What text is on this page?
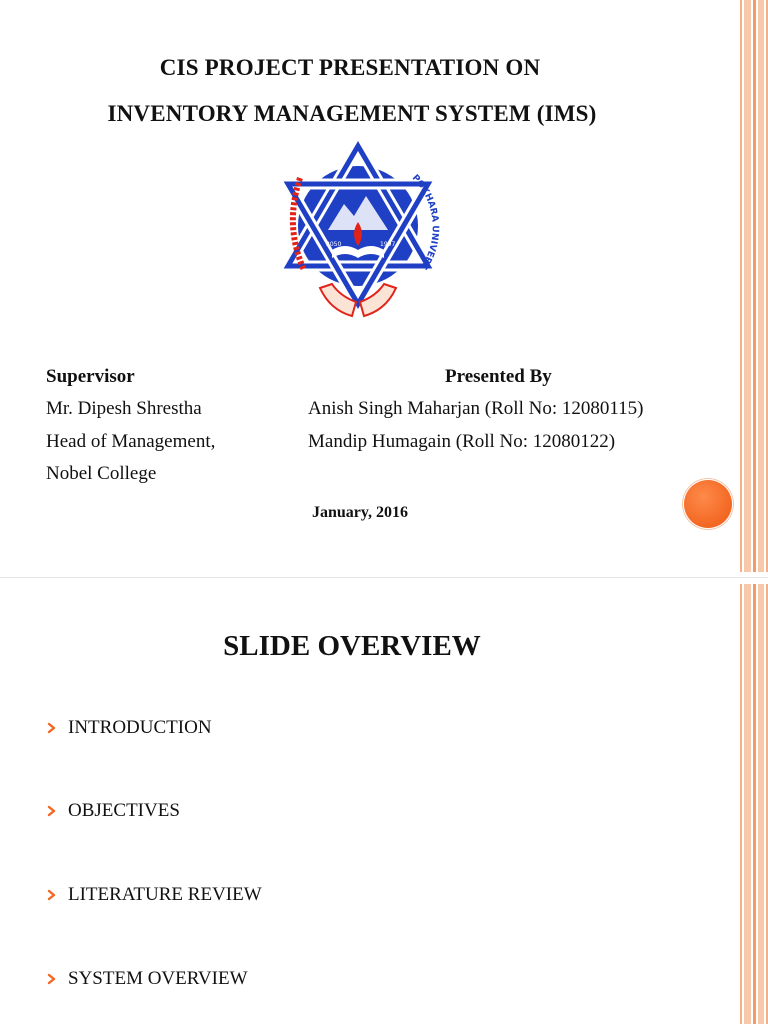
CIS PROJECT PRESENTATION ON
INVENTORY MANAGEMENT SYSTEM (IMS)
2050	1997
POKHARA UNIVERS
Supervisor
Mr. Dipesh Shrestha
Head of Management,
Nobel College
Presented By
Anish Singh Maharjan (Roll No: 12080115)
Mandip Humagain (Roll No: 12080122)
January, 2016
SLIDE OVERVIEW
INTRODUCTION
OBJECTIVES
LITERATURE REVIEW
SYSTEM OVERVIEW
